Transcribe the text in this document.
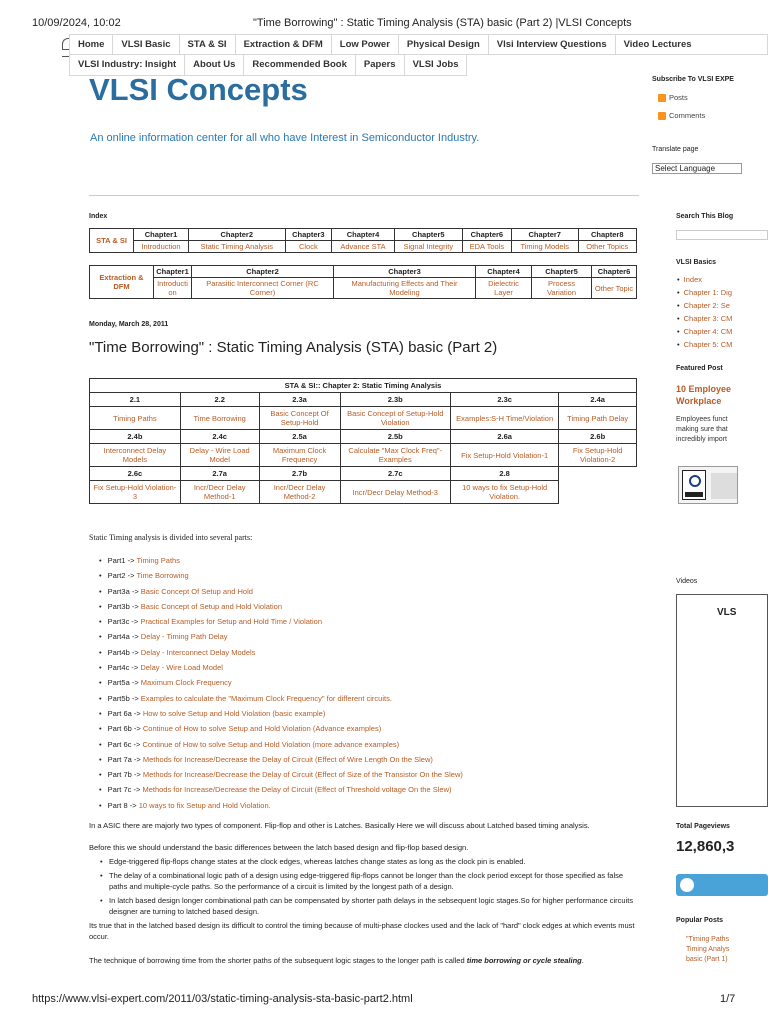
10/09/2024, 10:02	"Time Borrowing" : Static Timing Analysis (STA) basic (Part 2) |VLSI Concepts
Home	VLSI Basic	STA & SI	Extraction & DFM	Low Power	Physical Design	Vlsi Interview Questions	Video Lectures
VLSI Industry: Insight	About Us	Recommended Book	Papers	VLSI Jobs
VLSI Concepts
An online information center for all who have Interest in Semiconductor Industry.
Subscribe To VLSI EXPE
Posts
Comments
Translate page
Select Language
Search This Blog
VLSI Basics
• Index
• Chapter 1: Dig
• Chapter 2: Se
• Chapter 3: CM
• Chapter 4: CM
• Chapter 5: CM
Featured Post
10 Employee
Workplace
Employees funct
making sure that
incredibly import
Videos
VLS
Total Pageviews
12,860,3
Popular Posts
"Timing Paths
Timing Analys
basic (Part 1)
Index
STA & SI	Chapter1	Chapter2	Chapter3	Chapter4	Chapter5	Chapter6	Chapter7	Chapter8
	Introduction	Static Timing Analysis	Clock	Advance STA	Signal Integrity	EDA Tools	Timing Models	Other Topics
Extraction & DFM	Chapter1	Chapter2	Chapter3	Chapter4	Chapter5	Chapter6
	Introduction	Parasitic Interconnect Corner (RC Corner)	Manufacturing Effects and Their Modeling	Dielectric Layer	Process Variation	Other Topic
Monday, March 28, 2011
"Time Borrowing" : Static Timing Analysis (STA) basic (Part 2)
STA & SI:: Chapter 2: Static Timing Analysis					
2.1	2.2	2.3a	2.3b	2.3c	2.4a
Timing Paths	Time Borrowing	Basic Concept Of Setup-Hold	Basic Concept of Setup-Hold Violation	Examples:S-H Time/Violation	Timing Path Delay
2.4b	2.4c	2.5a	2.5b	2.6a	2.6b
Interconnect Delay Models	Delay - Wire Load Model	Maximum Clock Frequency	Calculate "Max Clock Freq"- Examples	Fix Setup-Hold Violation-1	Fix Setup-Hold Violation-2
2.6c	2.7a	2.7b	2.7c	2.8	
Fix Setup-Hold Violation-3	Incr/Decr Delay Method-1	Incr/Decr Delay Method-2	Incr/Decr Delay Method-3	10 ways to fix Setup-Hold Violation.	
Static Timing analysis is divided into several parts:
• Part1 -> Timing Paths
• Part2 -> Time Borrowing
• Part3a -> Basic Concept Of Setup and Hold
• Part3b -> Basic Concept of Setup and Hold Violation
• Part3c -> Practical Examples for Setup and Hold Time / Violation
• Part4a -> Delay - Timing Path Delay
• Part4b -> Delay - Interconnect Delay Models
• Part4c -> Delay - Wire Load Model
• Part5a -> Maximum Clock Frequency
• Part5b -> Examples to calculate the "Maximum Clock Frequency" for different circuits.
• Part 6a -> How to solve Setup and Hold Violation (basic example)
• Part 6b -> Continue of How to solve Setup and Hold Violation (Advance examples)
• Part 6c -> Continue of How to solve Setup and Hold Violation (more advance examples)
• Part 7a -> Methods for Increase/Decrease the Delay of Circuit (Effect of Wire Length On the Slew)
• Part 7b -> Methods for Increase/Decrease the Delay of Circuit (Effect of Size of the Transistor On the Slew)
• Part 7c -> Methods for Increase/Decrease the Delay of Circuit (Effect of Threshold voltage On the Slew)
• Part 8 -> 10 ways to fix Setup and Hold Violation.
In a ASIC there are majorly two types of component. Flip-flop and other is Latches. Basically Here we will discuss about Latched based timing analysis.
Before this we should understand the basic differences between the latch based design and flip-flop based design.
• Edge-triggered flip-flops change states at the clock edges, whereas latches change states as long as the clock pin is enabled.
• The delay of a combinational logic path of a design using edge-triggered flip-flops cannot be longer than the clock period except for those specified as false paths and multiple-cycle paths. So the performance of a circuit is limited by the longest path of a design.
• In latch based design longer combinational path can be compensated by shorter path delays in the sebsequent logic stages.So for higher performance circuits deisgner are turning to latched based design.
Its true that in the latched based design its difficult to control the timing because of multi-phase clockes used and the lack of "hard" clock edges at which events must occur.
The technique of borrowing time from the shorter paths of the subsequent logic stages to the longer path is called time borrowing or cycle stealing.
https://www.vlsi-expert.com/2011/03/static-timing-analysis-sta-basic-part2.html	1/7
